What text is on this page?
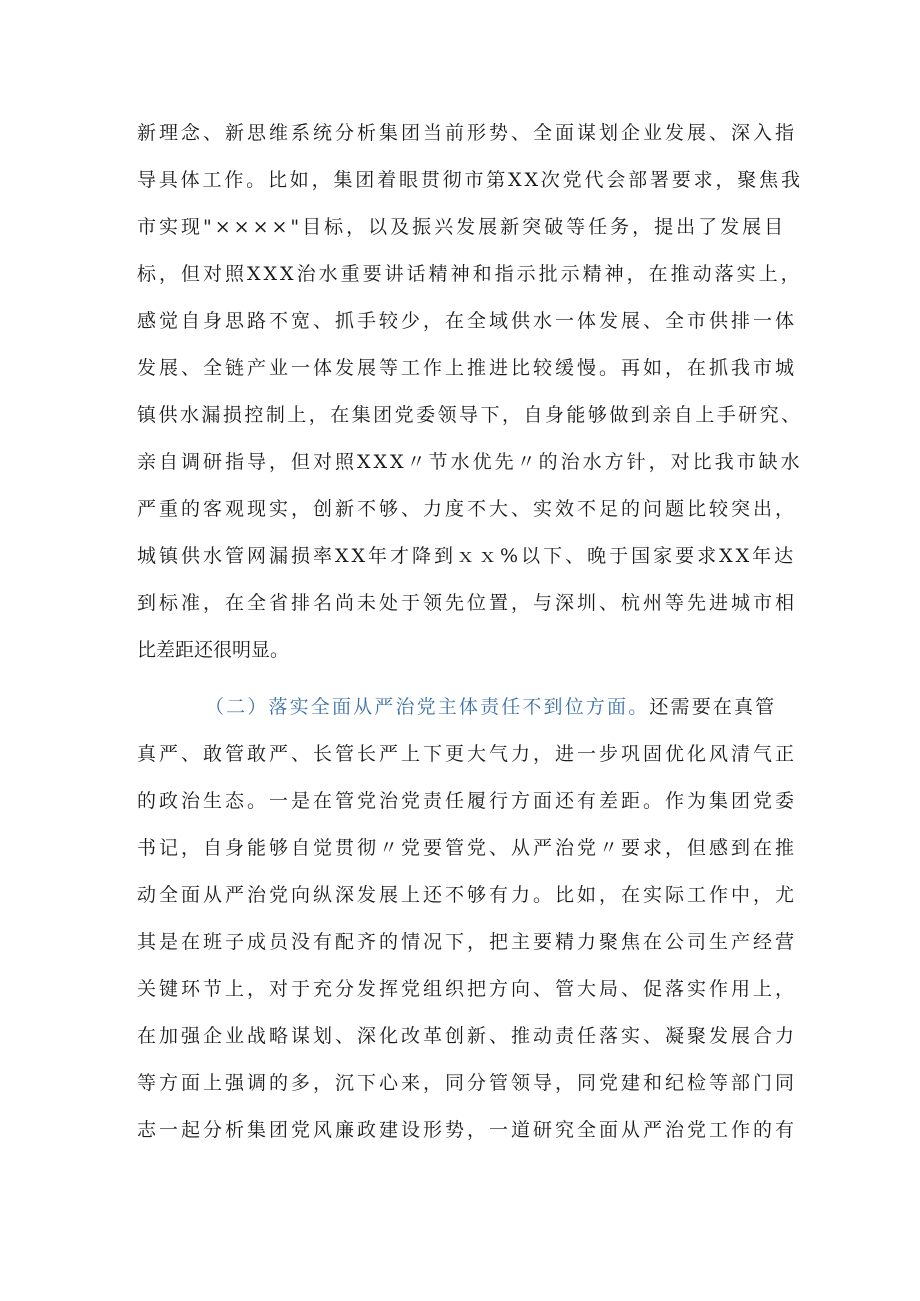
新理念、新思维系统分析集团当前形势、全面谋划企业发展、深入指
导具体工作。比如，集团着眼贯彻市第XX次党代会部署要求，聚焦我
市实现"××××"目标，以及振兴发展新突破等任务，提出了发展目
标，但对照XXX治水重要讲话精神和指示批示精神，在推动落实上，
感觉自身思路不宽、抓手较少，在全域供水一体发展、全市供排一体
发展、全链产业一体发展等工作上推进比较缓慢。再如，在抓我市城
镇供水漏损控制上，在集团党委领导下，自身能够做到亲自上手研究、
亲自调研指导，但对照XXX〃节水优先〃的治水方针，对比我市缺水
严重的客观现实，创新不够、力度不大、实效不足的问题比较突出，
城镇供水管网漏损率XX年才降到ｘｘ%以下、晚于国家要求XX年达
到标准，在全省排名尚未处于领先位置，与深圳、杭州等先进城市相
比差距还很明显。
（二）落实全面从严治党主体责任不到位方面。还需要在真管
真严、敢管敢严、长管长严上下更大气力，进一步巩固优化风清气正
的政治生态。一是在管党治党责任履行方面还有差距。作为集团党委
书记，自身能够自觉贯彻〃党要管党、从严治党〃要求，但感到在推
动全面从严治党向纵深发展上还不够有力。比如，在实际工作中，尤
其是在班子成员没有配齐的情况下，把主要精力聚焦在公司生产经营
关键环节上，对于充分发挥党组织把方向、管大局、促落实作用上，
在加强企业战略谋划、深化改革创新、推动责任落实、凝聚发展合力
等方面上强调的多，沉下心来，同分管领导，同党建和纪检等部门同
志一起分析集团党风廉政建设形势，一道研究全面从严治党工作的有
